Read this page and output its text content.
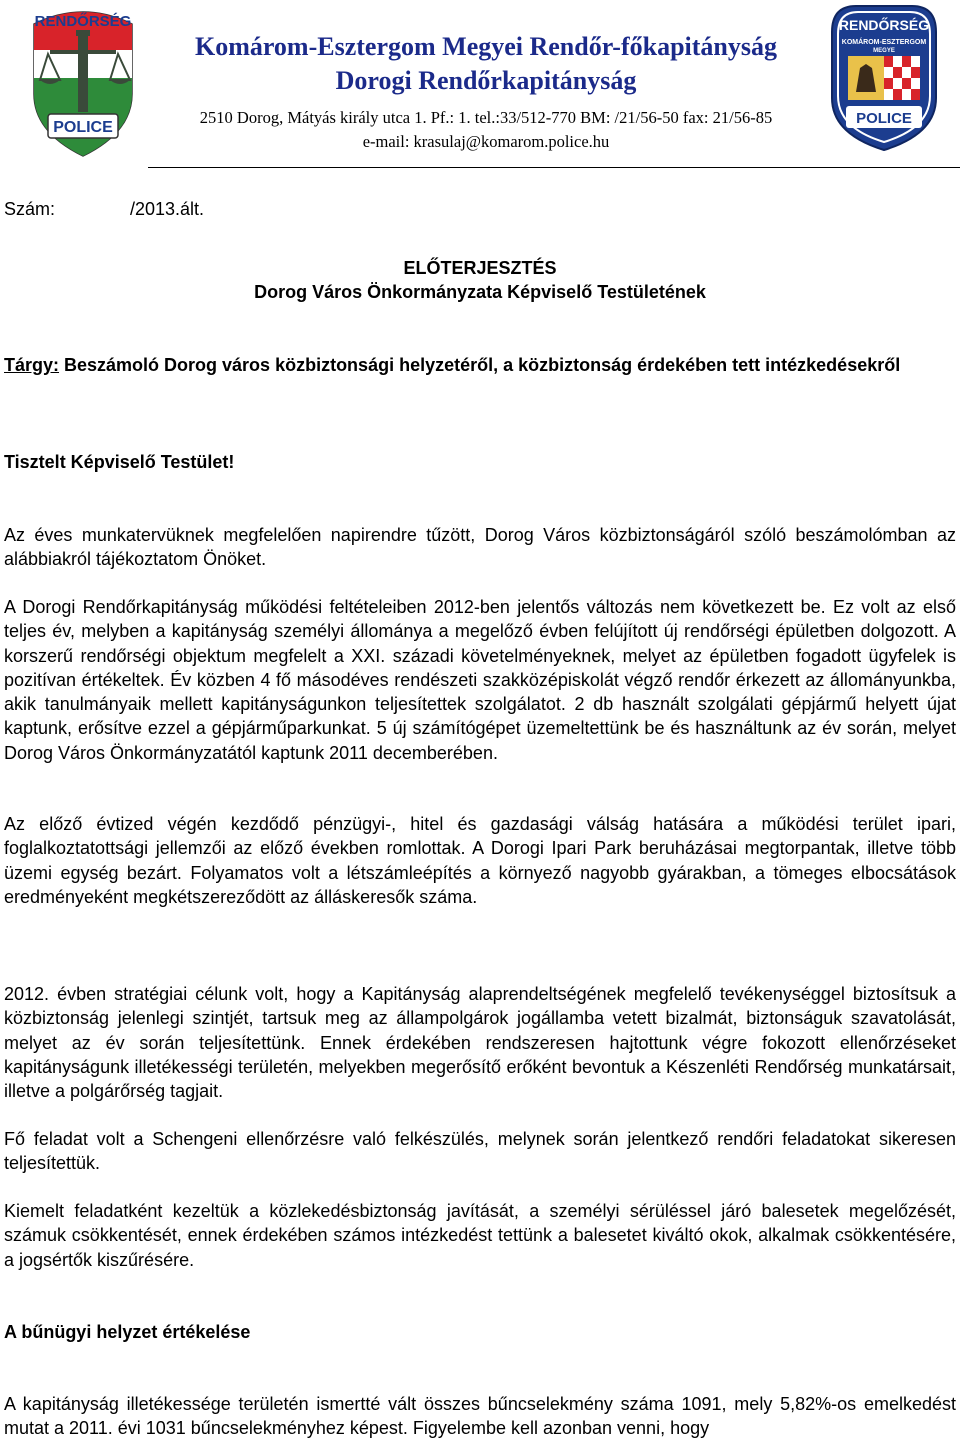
RENDŐRSÉG
POLICE
Komárom-Esztergom Megyei Rendőr-főkapitányság
Dorogi Rendőrkapitányság
2510 Dorog, Mátyás király utca 1. Pf.: 1. tel.:33/512-770 BM: /21/56-50 fax: 21/56-85
e-mail: krasulaj@komarom.police.hu
RENDŐRSÉG
KOMÁROM-ESZTERGOM
MEGYE
POLICE
Szám:	/2013.ált.
ELŐTERJESZTÉS
Dorog Város Önkormányzata Képviselő Testületének
Tárgy: Beszámoló Dorog város közbiztonsági helyzetéről, a közbiztonság érdekében tett intézkedésekről
Tisztelt Képviselő Testület!
Az éves munkatervüknek megfelelően napirendre tűzött, Dorog Város közbiztonságáról szóló beszámolómban az alábbiakról tájékoztatom Önöket.
A Dorogi Rendőrkapitányság működési feltételeiben 2012-ben jelentős változás nem következett be. Ez volt az első teljes év, melyben a kapitányság személyi állománya a megelőző évben felújított új rendőrségi épületben dolgozott. A korszerű rendőrségi objektum megfelelt a XXI. századi követelményeknek, melyet az épületben fogadott ügyfelek is pozitívan értékeltek. Év közben 4 fő másodéves rendészeti szakközépiskolát végző rendőr érkezett az állományunkba, akik tanulmányaik mellett kapitányságunkon teljesítettek szolgálatot. 2 db használt szolgálati gépjármű helyett újat kaptunk, erősítve ezzel a gépjárműparkunkat. 5 új számítógépet üzemeltettünk be és használtunk az év során, melyet Dorog Város Önkormányzatától kaptunk 2011 decemberében.
Az előző évtized végén kezdődő pénzügyi-, hitel és gazdasági válság hatására a működési terület ipari, foglalkoztatottsági jellemzői az előző években romlottak. A Dorogi Ipari Park beruházásai megtorpantak, illetve több üzemi egység bezárt. Folyamatos volt a létszámleépítés a környező nagyobb gyárakban, a tömeges elbocsátások eredményeként megkétszereződött az álláskeresők száma.
2012. évben stratégiai célunk volt, hogy a Kapitányság alaprendeltségének megfelelő tevékenységgel biztosítsuk a közbiztonság jelenlegi szintjét, tartsuk meg az állampolgárok jogállamba vetett bizalmát, biztonságuk szavatolását, melyet az év során teljesítettünk. Ennek érdekében rendszeresen hajtottunk végre fokozott ellenőrzéseket kapitányságunk illetékességi területén, melyekben megerősítő erőként bevontuk a Készenléti Rendőrség munkatársait, illetve a polgárőrség tagjait.
Fő feladat volt a Schengeni ellenőrzésre való felkészülés, melynek során jelentkező rendőri feladatokat sikeresen teljesítettük.
Kiemelt feladatként kezeltük a közlekedésbiztonság javítását, a személyi sérüléssel járó balesetek megelőzését, számuk csökkentését, ennek érdekében számos intézkedést tettünk a balesetet kiváltó okok, alkalmak csökkentésére, a jogsértők kiszűrésére.
A bűnügyi helyzet értékelése
A kapitányság illetékessége területén ismertté vált összes bűncselekmény száma 1091, mely 5,82%-os emelkedést mutat a 2011. évi 1031 bűncselekményhez képest. Figyelembe kell azonban venni, hogy
